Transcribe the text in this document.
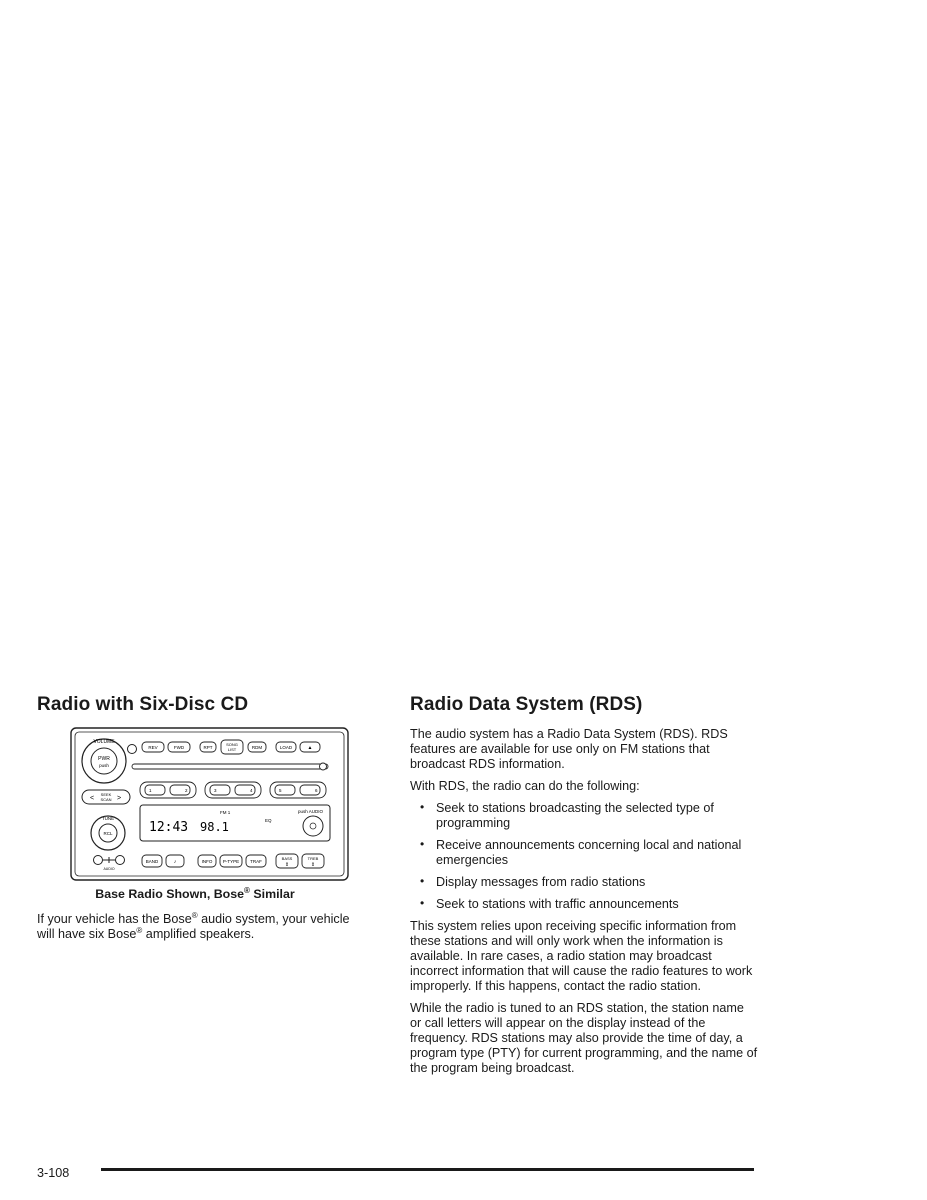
Radio with Six-Disc CD
VOLUME
PWR
push
REV	FWD	RPT
SONG
LIST	RDM	LOAD	▲
<	>
SEEK
SCAN
1	2	3	4	5	6
FM 1
12:43 98.1	EQ
push AUDIO
TUNE
RCL
BAND	♪	INFO P-TYPE TRAF
BASS
⇕
TREB
⇕
AUDIO
Base Radio Shown, Bose® Similar

If your vehicle has the Bose® audio system, your vehicle will have six Bose® amplified speakers.

Radio Data System (RDS)

The audio system has a Radio Data System (RDS). RDS features are available for use only on FM stations that broadcast RDS information.

With RDS, the radio can do the following:

• Seek to stations broadcasting the selected type of programming
• Receive announcements concerning local and national emergencies
• Display messages from radio stations
• Seek to stations with traffic announcements

This system relies upon receiving specific information from these stations and will only work when the information is available. In rare cases, a radio station may broadcast incorrect information that will cause the radio features to work improperly. If this happens, contact the radio station.

While the radio is tuned to an RDS station, the station name or call letters will appear on the display instead of the frequency. RDS stations may also provide the time of day, a program type (PTY) for current programming, and the name of the program being broadcast.

3-108
